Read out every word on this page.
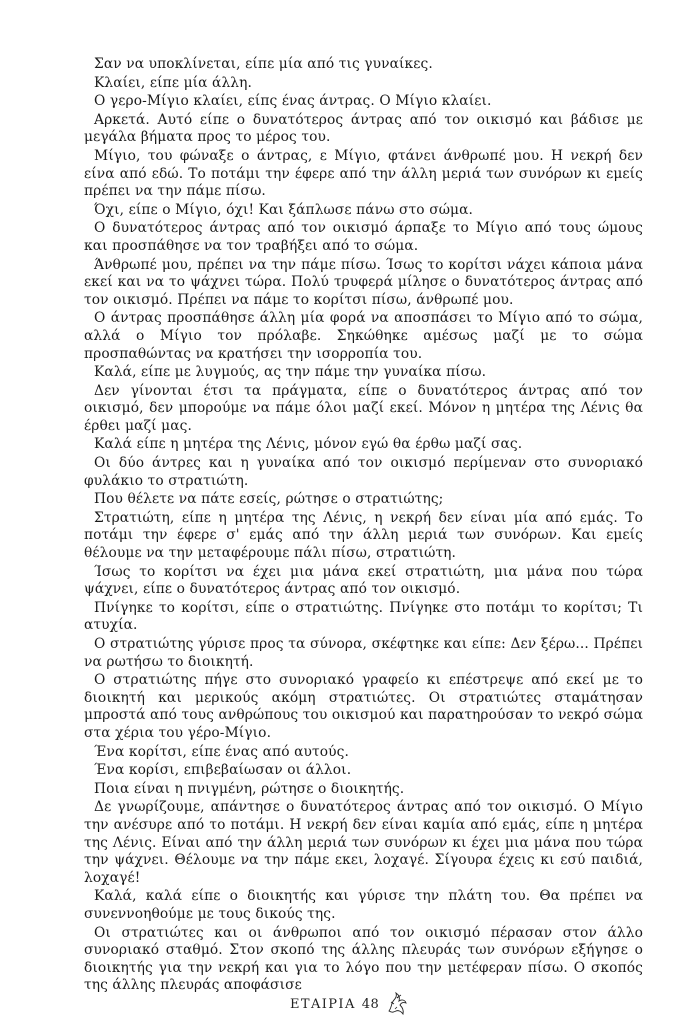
Σαν να υποκλίνεται, είπε μία από τις γυναίκες.

Κλαίει, είπε μία άλλη.

Ο γερο-Μίγιο κλαίει, είπς ένας άντρας. Ο Μίγιο κλαίει.

Αρκετά. Αυτό είπε ο δυνατότερος άντρας από τον οικισμό και βάδισε με μεγάλα βήματα προς το μέρος του.

Μίγιο, του φώναξε ο άντρας, ε Μίγιο, φτάνει άνθρωπέ μου. Η νεκρή δεν είνα από εδώ. Το ποτάμι την έφερε από την άλλη μεριά των συνόρων κι εμείς πρέπει να την πάμε πίσω.

Όχι, είπε ο Μίγιο, όχι! Και ξάπλωσε πάνω στο σώμα.

Ο δυνατότερος άντρας από τον οικισμό άρπαξε το Μίγιο από τους ώμους και προσπάθησε να τον τραβήξει από το σώμα.

Άνθρωπέ μου, πρέπει να την πάμε πίσω. Ίσως το κορίτσι νάχει κάποια μάνα εκεί και να το ψάχνει τώρα. Πολύ τρυφερά μίλησε ο δυνατότερος άντρας από τον οικισμό. Πρέπει να πάμε το κορίτσι πίσω, άνθρωπέ μου.

Ο άντρας προσπάθησε άλλη μία φορά να αποσπάσει το Μίγιο από το σώμα, αλλά ο Μίγιο τον πρόλαβε. Σηκώθηκε αμέσως μαζί με το σώμα προσπαθώντας να κρατήσει την ισορροπία του.

Καλά, είπε με λυγμούς, ας την πάμε την γυναίκα πίσω.

Δεν γίνονται έτσι τα πράγματα, είπε ο δυνατότερος άντρας από τον οικισμό, δεν μπορούμε να πάμε όλοι μαζί εκεί. Μόνον η μητέρα της Λένις θα έρθει μαζί μας.

Καλά είπε η μητέρα της Λένις, μόνον εγώ θα έρθω μαζί σας.

Οι δύο άντρες και η γυναίκα από τον οικισμό περίμεναν στο συνοριακό φυλάκιο το στρατιώτη.

Που θέλετε να πάτε εσείς, ρώτησε ο στρατιώτης;

Στρατιώτη, είπε η μητέρα της Λένις, η νεκρή δεν είναι μία από εμάς. Το ποτάμι την έφερε σ' εμάς από την άλλη μεριά των συνόρων. Και εμείς θέλουμε να την μεταφέρουμε πάλι πίσω, στρατιώτη.

Ίσως το κορίτσι να έχει μια μάνα εκεί στρατιώτη, μια μάνα που τώρα ψάχνει, είπε ο δυνατότερος άντρας από τον οικισμό.

Πνίγηκε το κορίτσι, είπε ο στρατιώτης. Πνίγηκε στο ποτάμι το κορίτσι; Τι ατυχία.

Ο στρατιώτης γύρισε προς τα σύνορα, σκέφτηκε και είπε: Δεν ξέρω... Πρέπει να ρωτήσω το διοικητή.

Ο στρατιώτης πήγε στο συνοριακό γραφείο κι επέστρεψε από εκεί με το διοικητή και μερικούς ακόμη στρατιώτες. Οι στρατιώτες σταμάτησαν μπροστά από τους ανθρώπους του οικισμού και παρατηρούσαν το νεκρό σώμα στα χέρια του γέρο-Μίγιο.

Ένα κορίτσι, είπε ένας από αυτούς.

Ένα κορίσι, επιβεβαίωσαν οι άλλοι.

Ποια είναι η πνιγμένη, ρώτησε ο διοικητής.

Δε γνωρίζουμε, απάντησε ο δυνατότερος άντρας από τον οικισμό. Ο Μίγιο την ανέσυρε από το ποτάμι. Η νεκρή δεν είναι καμία από εμάς, είπε η μητέρα της Λένις. Είναι από την άλλη μεριά των συνόρων κι έχει μια μάνα που τώρα την ψάχνει. Θέλουμε να την πάμε εκει, λοχαγέ. Σίγουρα έχεις κι εσύ παιδιά, λοχαγέ!

Καλά, καλά είπε ο διοικητής και γύρισε την πλάτη του. Θα πρέπει να συνεννοηθούμε με τους δικούς της.

Οι στρατιώτες και οι άνθρωποι από τον οικισμό πέρασαν στον άλλο συνοριακό σταθμό. Στον σκοπό της άλλης πλευράς των συνόρων εξήγησε ο διοικητής για την νεκρή και για το λόγο που την μετέφεραν πίσω. Ο σκοπός της άλλης πλευράς αποφάσισε

ΕΤΑΙΡΙΑ 48
